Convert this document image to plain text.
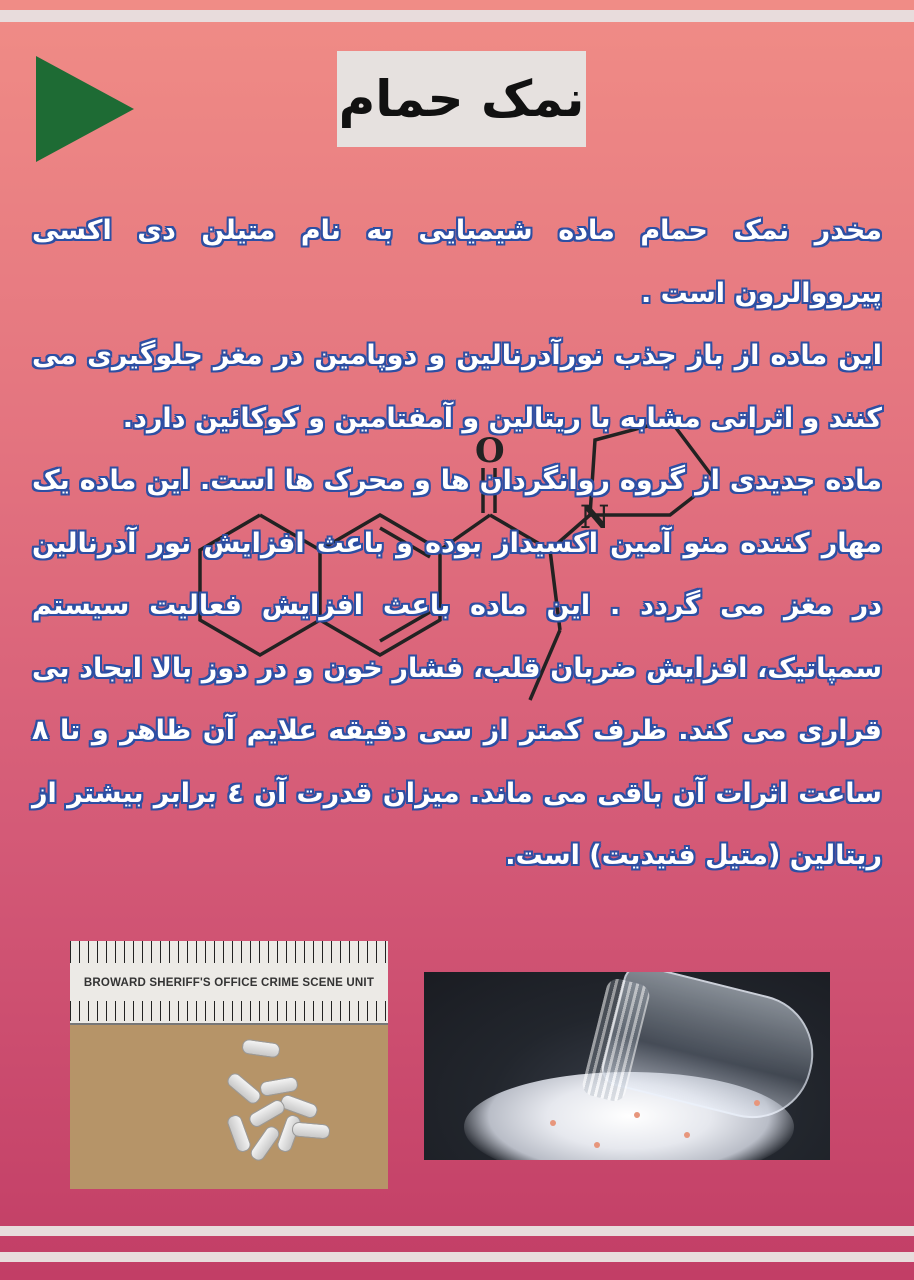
نمک حمام
O
N

مخدر نمک حمام ماده شیمیایی به نام متیلن دی اکسی پیرووالرون است .

این ماده از باز جذب نورآدرنالین و دوپامین در مغز جلوگیری می کنند و اثراتی مشابه با ریتالین و آمفتامین و کوکائین دارد.

ماده جدیدی از گروه روانگردان ها و محرک ها است. این ماده یک مهار کننده منو آمین اکسیداز بوده و باعث افزایش نور آدرنالین در مغز می گردد . این ماده باعث افزایش فعالیت سیستم سمپاتیک، افزایش ضربان قلب، فشار خون و در دوز بالا ایجاد بی قراری می کند. ظرف کمتر از سی دقیقه علایم آن ظاهر و تا ۸ ساعت اثرات آن باقی می ماند. میزان قدرت آن ٤ برابر بیشتر از ریتالین (متیل فنیدیت) است.

BROWARD SHERIFF'S OFFICE CRIME SCENE UNIT
